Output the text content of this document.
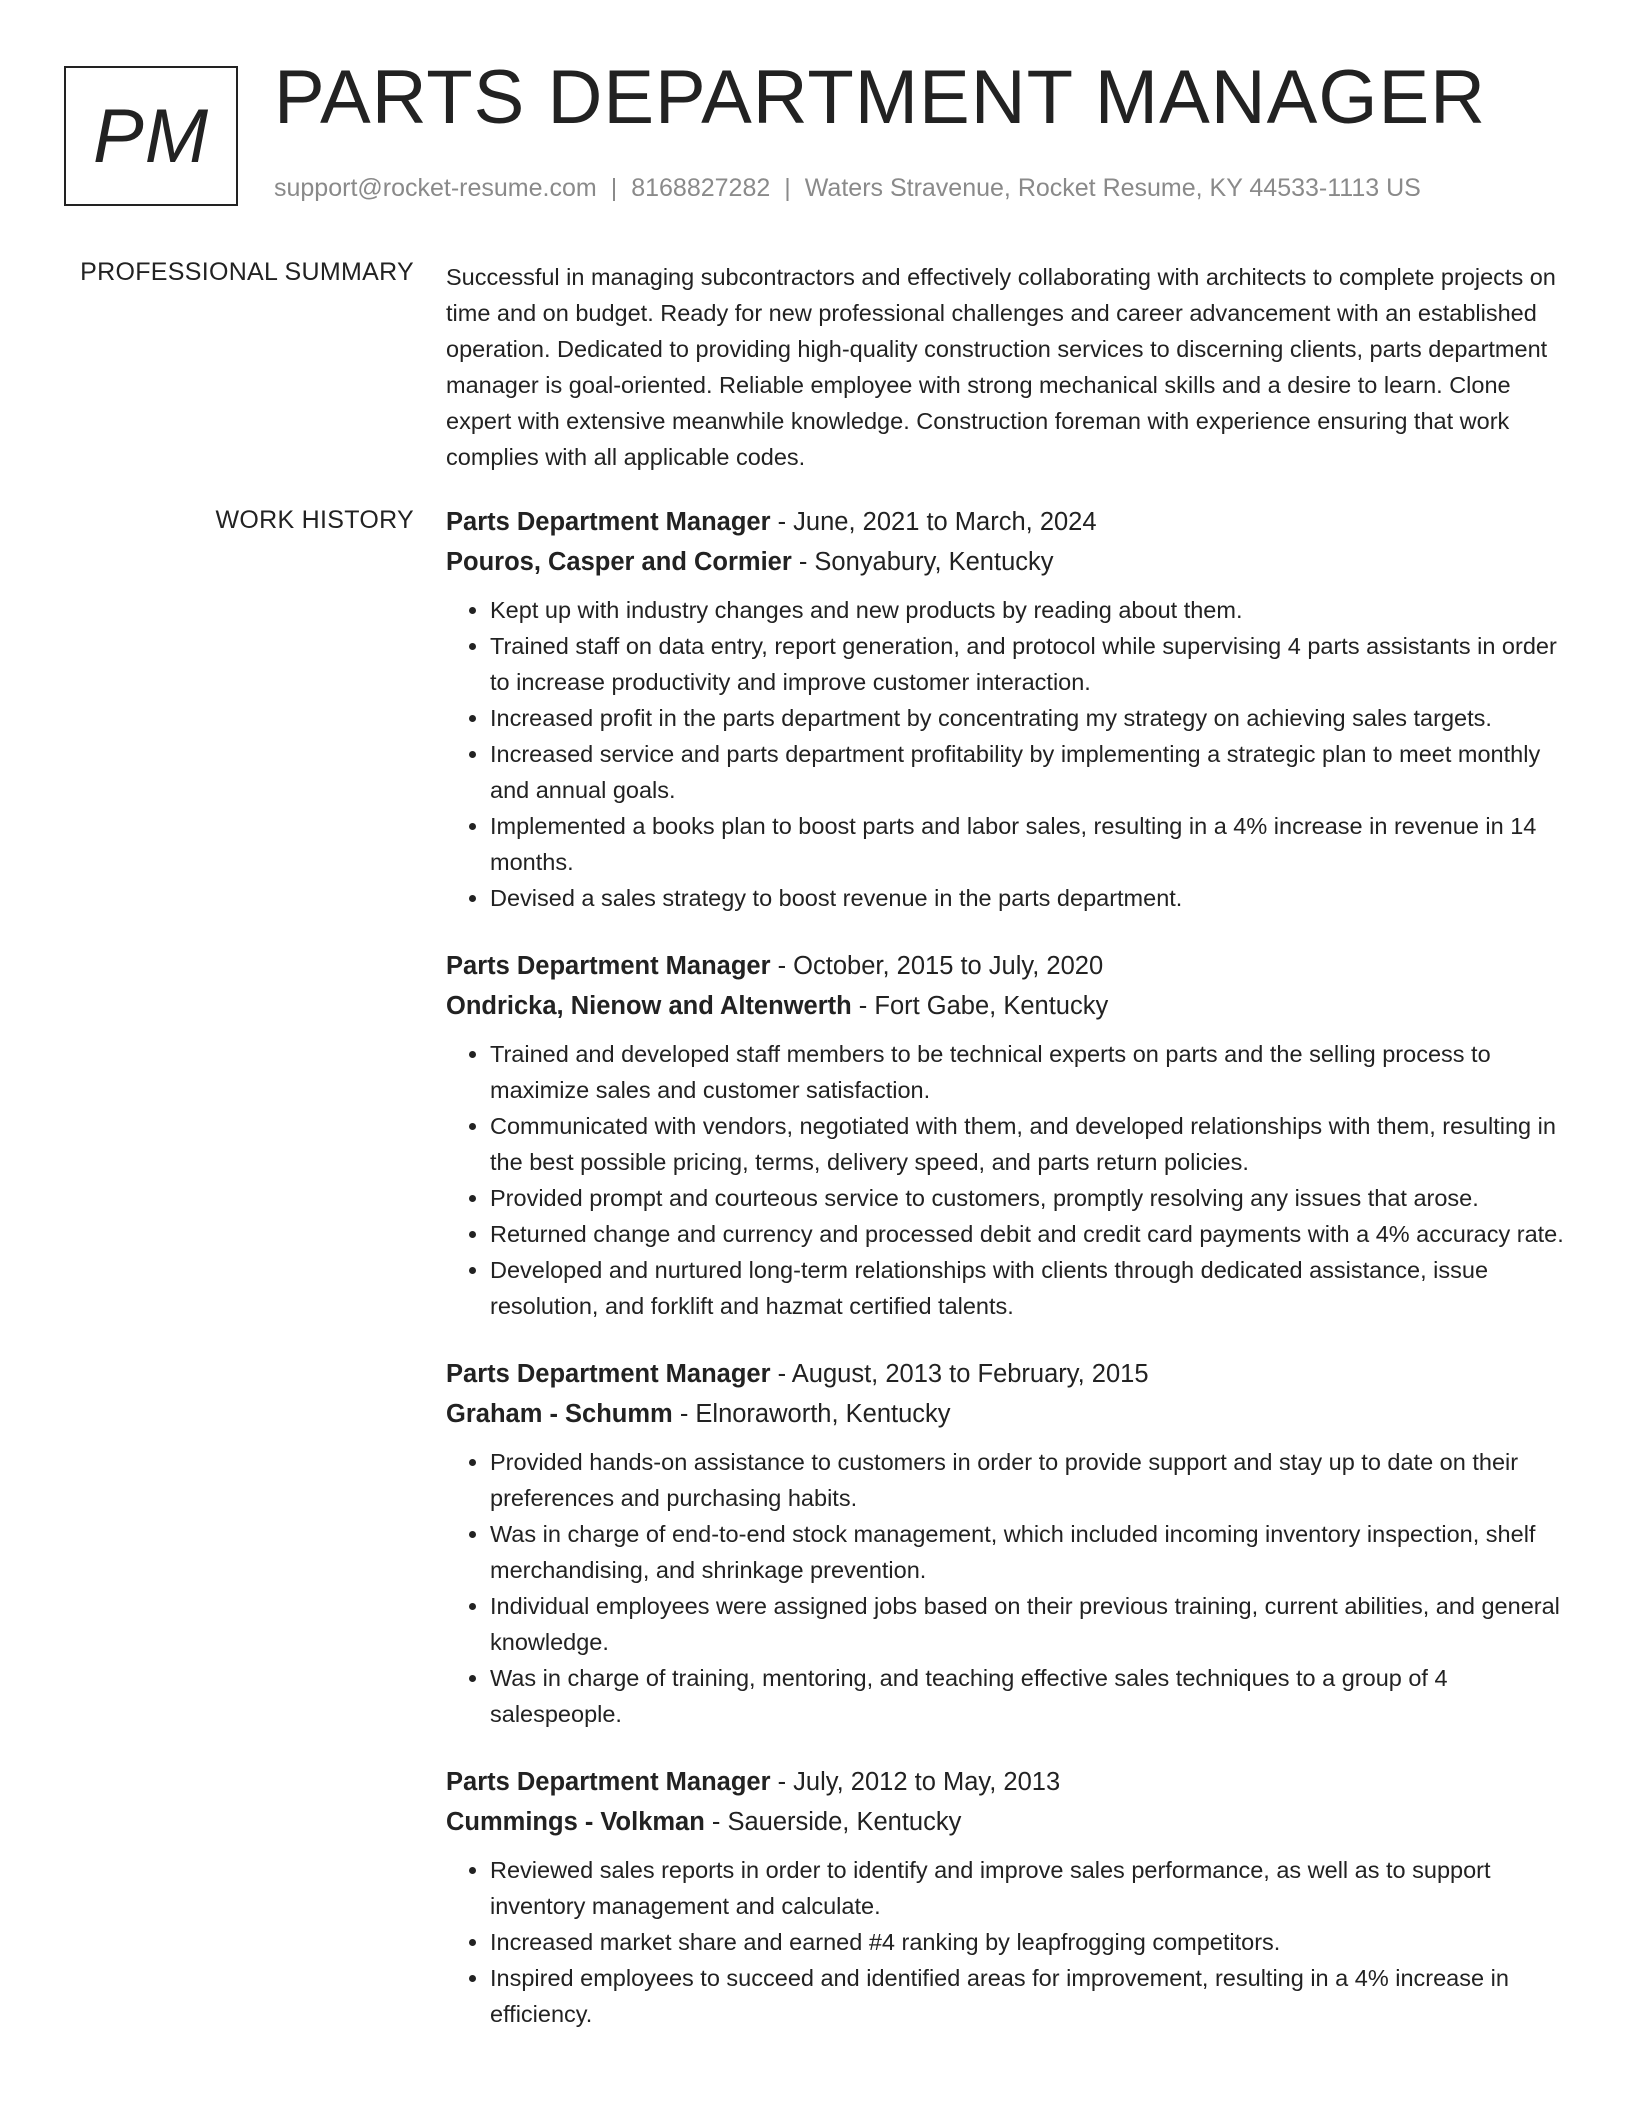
PM PARTS DEPARTMENT MANAGER
support@rocket-resume.com | 8168827282 | Waters Stravenue, Rocket Resume, KY 44533-1113 US
PROFESSIONAL SUMMARY Successful in managing subcontractors and effectively collaborating with architects to complete projects on time and on budget. Ready for new professional challenges and career advancement with an established operation. Dedicated to providing high-quality construction services to discerning clients, parts department manager is goal-oriented. Reliable employee with strong mechanical skills and a desire to learn. Clone expert with extensive meanwhile knowledge. Construction foreman with experience ensuring that work complies with all applicable codes.

WORK HISTORY Parts Department Manager - June, 2021 to March, 2024

Pouros, Casper and Cormier - Sonyabury, Kentucky

• Kept up with industry changes and new products by reading about them.
• Trained staff on data entry, report generation, and protocol while supervising 4 parts assistants in order to increase productivity and improve customer interaction.
• Increased profit in the parts department by concentrating my strategy on achieving sales targets.
• Increased service and parts department profitability by implementing a strategic plan to meet monthly and annual goals.
• Implemented a books plan to boost parts and labor sales, resulting in a 4% increase in revenue in 14 months.
• Devised a sales strategy to boost revenue in the parts department.

Parts Department Manager - October, 2015 to July, 2020

Ondricka, Nienow and Altenwerth - Fort Gabe, Kentucky

• Trained and developed staff members to be technical experts on parts and the selling process to maximize sales and customer satisfaction.
• Communicated with vendors, negotiated with them, and developed relationships with them, resulting in the best possible pricing, terms, delivery speed, and parts return policies.
• Provided prompt and courteous service to customers, promptly resolving any issues that arose.
• Returned change and currency and processed debit and credit card payments with a 4% accuracy rate.
• Developed and nurtured long-term relationships with clients through dedicated assistance, issue resolution, and forklift and hazmat certified talents.

Parts Department Manager - August, 2013 to February, 2015

Graham - Schumm - Elnoraworth, Kentucky

• Provided hands-on assistance to customers in order to provide support and stay up to date on their preferences and purchasing habits.
• Was in charge of end-to-end stock management, which included incoming inventory inspection, shelf merchandising, and shrinkage prevention.
• Individual employees were assigned jobs based on their previous training, current abilities, and general knowledge.
• Was in charge of training, mentoring, and teaching effective sales techniques to a group of 4 salespeople.

Parts Department Manager - July, 2012 to May, 2013

Cummings - Volkman - Sauerside, Kentucky

• Reviewed sales reports in order to identify and improve sales performance, as well as to support inventory management and calculate.
• Increased market share and earned #4 ranking by leapfrogging competitors.
• Inspired employees to succeed and identified areas for improvement, resulting in a 4% increase in efficiency.
